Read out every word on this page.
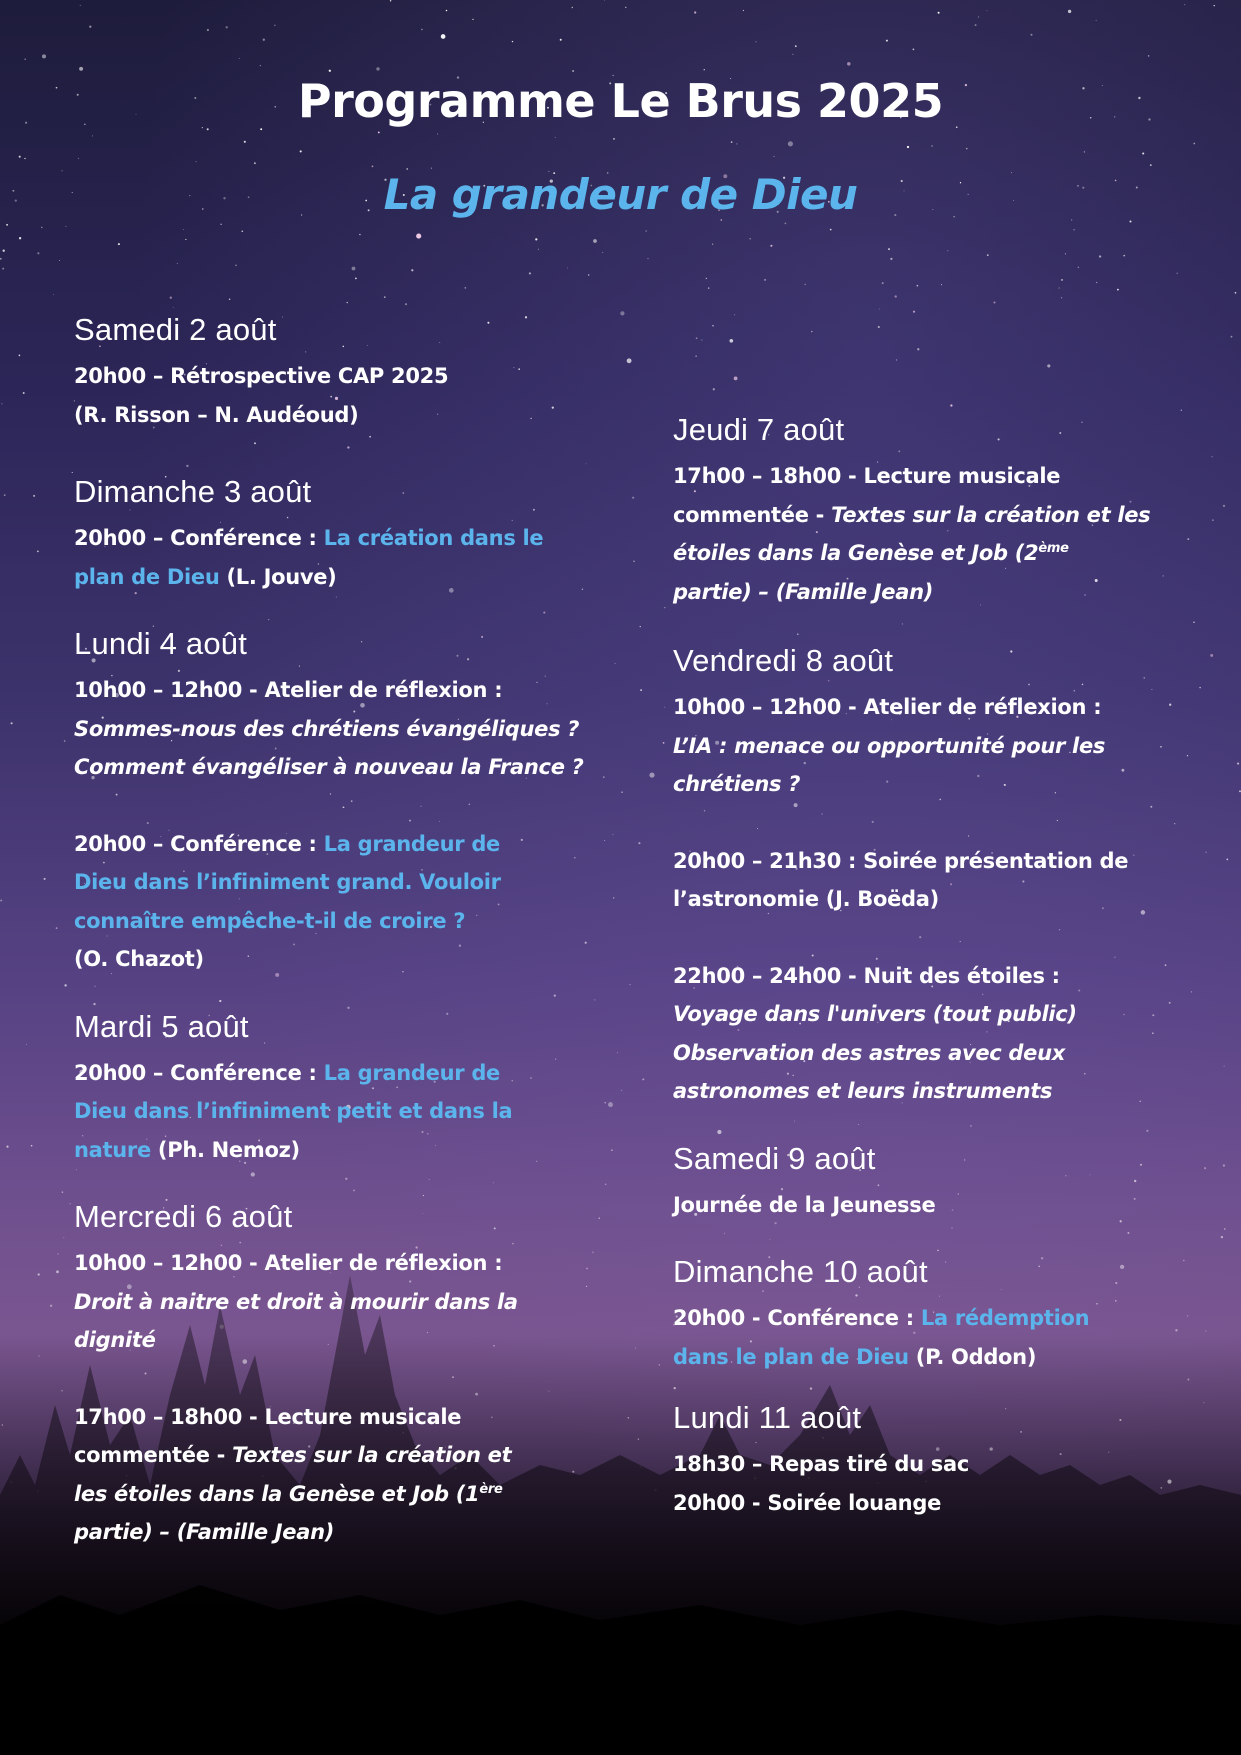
Programme Le Brus 2025
La grandeur de Dieu
Samedi 2 août

20h00 – Rétrospective CAP 2025

(R. Risson – N. Audéoud)

Dimanche 3 août

20h00 – Conférence : La création dans le

plan de Dieu (L. Jouve)

Lundi 4 août

10h00 – 12h00 - Atelier de réflexion :

Sommes-nous des chrétiens évangéliques ?

Comment évangéliser à nouveau la France ?

20h00 – Conférence : La grandeur de

Dieu dans l’infiniment grand. Vouloir

connaître empêche-t-il de croire ?

(O. Chazot)

Mardi 5 août

20h00 – Conférence : La grandeur de

Dieu dans l’infiniment petit et dans la

nature (Ph. Nemoz)

Mercredi 6 août

10h00 – 12h00 - Atelier de réflexion :

Droit à naitre et droit à mourir dans la

dignité

17h00 – 18h00 - Lecture musicale

commentée - Textes sur la création et

les étoiles dans la Genèse et Job (1ère

partie) – (Famille Jean)

Jeudi 7 août

17h00 – 18h00 - Lecture musicale

commentée - Textes sur la création et les

étoiles dans la Genèse et Job (2ème

partie) – (Famille Jean)

Vendredi 8 août

10h00 – 12h00 - Atelier de réflexion :

L’IA : menace ou opportunité pour les

chrétiens ?

20h00 – 21h30 : Soirée présentation de

l’astronomie (J. Boëda)

22h00 – 24h00 - Nuit des étoiles :

Voyage dans l'univers (tout public)

Observation des astres avec deux

astronomes et leurs instruments

Samedi 9 août

Journée de la Jeunesse

Dimanche 10 août

20h00 - Conférence : La rédemption

dans le plan de Dieu (P. Oddon)

Lundi 11 août

18h30 – Repas tiré du sac

20h00 - Soirée louange
